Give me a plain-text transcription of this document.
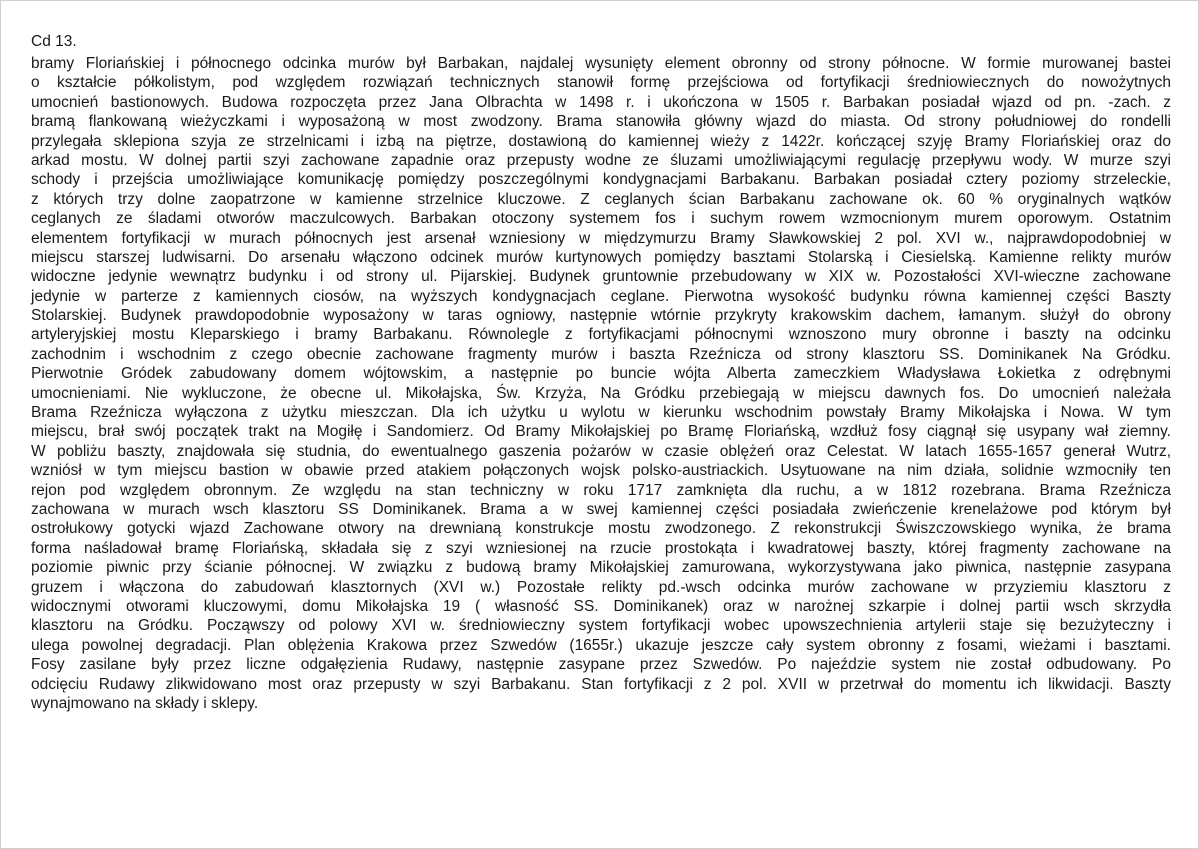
Cd 13.
bramy Floriańskiej i północnego odcinka murów był Barbakan, najdalej wysunięty element obronny od strony północne. W formie murowanej bastei
o kształcie półkolistym, pod względem rozwiązań technicznych stanowił formę przejściowa od fortyfikacji średniowiecznych do nowożytnych
umocnień bastionowych. Budowa rozpoczęta przez Jana Olbrachta w 1498 r. i ukończona w 1505 r. Barbakan posiadał wjazd od pn. -zach. z
bramą flankowaną wieżyczkami i wyposażoną w most zwodzony. Brama stanowiła główny wjazd do miasta. Od strony południowej do rondelli
przylegała sklepiona szyja ze strzelnicami i izbą na piętrze, dostawioną do kamiennej wieży z 1422r. kończącej szyję Bramy Floriańskiej oraz do
arkad mostu. W dolnej partii szyi zachowane zapadnie oraz przepusty wodne ze śluzami umożliwiającymi regulację przepływu wody. W murze szyi
schody i przejścia umożliwiające komunikację pomiędzy poszczególnymi kondygnacjami Barbakanu. Barbakan posiadał cztery poziomy strzeleckie,
z których trzy dolne zaopatrzone w kamienne strzelnice kluczowe. Z ceglanych ścian Barbakanu zachowane ok. 60 % oryginalnych wątków
ceglanych ze śladami otworów maczulcowych. Barbakan otoczony systemem fos i suchym rowem wzmocnionym murem oporowym. Ostatnim
elementem fortyfikacji w murach północnych jest arsenał wzniesiony w międzymurzu Bramy Sławkowskiej 2 pol. XVI w., najprawdopodobniej w
miejscu starszej ludwisarni. Do arsenału włączono odcinek murów kurtynowych pomiędzy basztami Stolarską i Ciesielską. Kamienne relikty murów
widoczne jedynie wewnątrz budynku i od strony ul. Pijarskiej. Budynek gruntownie przebudowany w XIX w. Pozostałości XVI-wieczne zachowane
jedynie w parterze z kamiennych ciosów, na wyższych kondygnacjach ceglane. Pierwotna wysokość budynku równa kamiennej części Baszty
Stolarskiej. Budynek prawdopodobnie wyposażony w taras ogniowy, następnie wtórnie przykryty krakowskim dachem, łamanym. służył do obrony
artyleryjskiej mostu Kleparskiego i bramy Barbakanu. Równolegle z fortyfikacjami północnymi wznoszono mury obronne i baszty na odcinku
zachodnim i wschodnim z czego obecnie zachowane fragmenty murów i baszta Rzeźnicza od strony klasztoru SS. Dominikanek Na Gródku.
Pierwotnie Gródek zabudowany domem wójtowskim, a następnie po buncie wójta Alberta zameczkiem Władysława Łokietka z odrębnymi
umocnieniami. Nie wykluczone, że obecne ul. Mikołajska, Św. Krzyża, Na Gródku przebiegają w miejscu dawnych fos. Do umocnień należała
Brama Rzeźnicza wyłączona z użytku mieszczan. Dla ich użytku u wylotu w kierunku wschodnim powstały Bramy Mikołajska i Nowa. W tym
miejscu, brał swój początek trakt na Mogiłę i Sandomierz. Od Bramy Mikołajskiej po Bramę Floriańską, wzdłuż fosy ciągnął się usypany wał ziemny.
W pobliżu baszty, znajdowała się studnia, do ewentualnego gaszenia pożarów w czasie oblężeń oraz Celestat. W latach 1655-1657 generał Wutrz,
wzniósł w tym miejscu bastion w obawie przed atakiem połączonych wojsk polsko-austriackich. Usytuowane na nim działa, solidnie wzmocniły ten
rejon pod względem obronnym. Ze względu na stan techniczny w roku 1717 zamknięta dla ruchu, a w 1812 rozebrana. Brama Rzeźnicza
zachowana w murach wsch klasztoru SS Dominikanek. Brama a w swej kamiennej części posiadała zwieńczenie krenelażowe pod którym był
ostrołukowy gotycki wjazd Zachowane otwory na drewnianą konstrukcje mostu zwodzonego. Z rekonstrukcji Świszczowskiego wynika, że brama
forma naśladował bramę Floriańską, składała się z szyi wzniesionej na rzucie prostokąta i kwadratowej baszty, której fragmenty zachowane na
poziomie piwnic przy ścianie północnej. W związku z budową bramy Mikołajskiej zamurowana, wykorzystywana jako piwnica, następnie zasypana
gruzem i włączona do zabudowań klasztornych (XVI w.) Pozostałe relikty pd.-wsch odcinka murów zachowane w przyziemiu klasztoru z
widocznymi otworami kluczowymi, domu Mikołajska 19 ( własność SS. Dominikanek) oraz w narożnej szkarpie i dolnej partii wsch skrzydła
klasztoru na Gródku. Począwszy od polowy XVI w. średniowieczny system fortyfikacji wobec upowszechnienia artylerii staje się bezużyteczny i
ulega powolnej degradacji. Plan oblężenia Krakowa przez Szwedów (1655r.) ukazuje jeszcze cały system obronny z fosami, wieżami i basztami.
Fosy zasilane były przez liczne odgałęzienia Rudawy, następnie zasypane przez Szwedów. Po najeździe system nie został odbudowany. Po
odcięciu Rudawy zlikwidowano most oraz przepusty w szyi Barbakanu. Stan fortyfikacji z 2 pol. XVII w przetrwał do momentu ich likwidacji. Baszty
wynajmowano na składy i sklepy.
